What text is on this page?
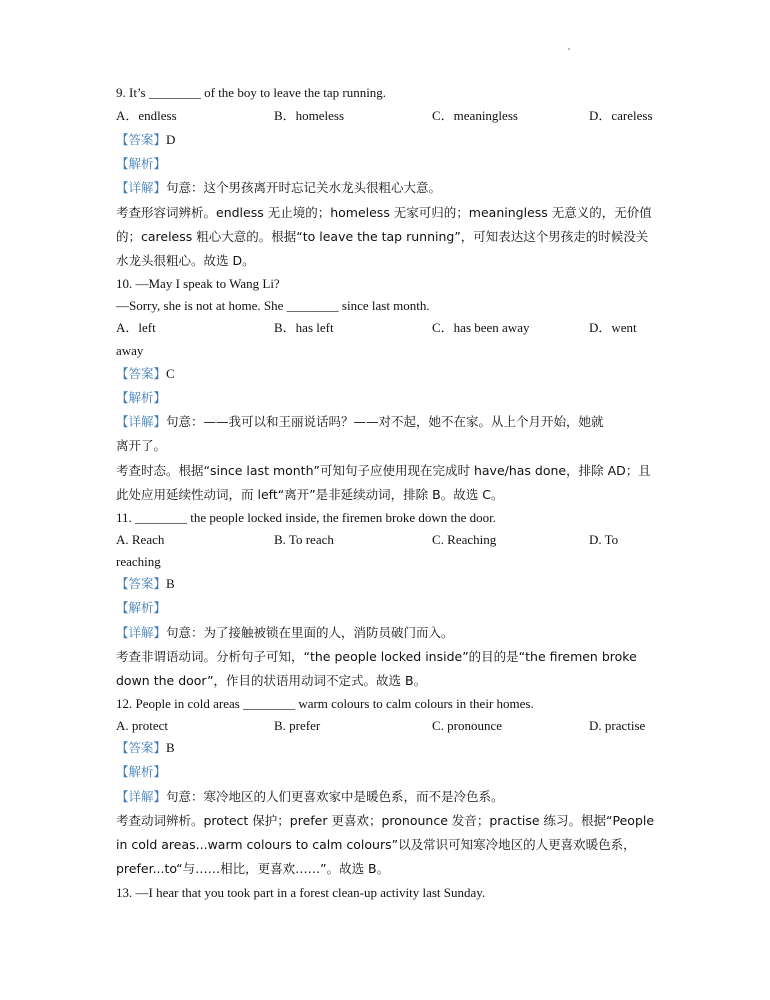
9. It’s ________ of the boy to leave the tap running.
A．endless	B．homeless	C．meaningless	D．careless
【答案】D
【解析】
【详解】句意：这个男孩离开时忘记关水龙头很粗心大意。
考查形容词辨析。endless 无止境的；homeless 无家可归的；meaningless 无意义的，无价值
的；careless 粗心大意的。根据“to leave the tap running”，可知表达这个男孩走的时候没关
水龙头很粗心。故选 D。
10. —May I speak to Wang Li?
—Sorry, she is not at home. She ________ since last month.
A．left	B．has left	C．has been away	D．went
away
【答案】C
【解析】
【详解】句意：——我可以和王丽说话吗？——对不起，她不在家。从上个月开始，她就
离开了。
考查时态。根据“since last month”可知句子应使用现在完成时 have/has done，排除 AD；且
此处应用延续性动词，而 left“离开”是非延续动词，排除 B。故选 C。
11. ________ the people locked inside, the firemen broke down the door.
A. Reach	B. To reach	C. Reaching	D. To
reaching
【答案】B
【解析】
【详解】句意：为了接触被锁在里面的人，消防员破门而入。
考查非谓语动词。分析句子可知，“the people locked inside”的目的是“the firemen broke
down the door”，作目的状语用动词不定式。故选 B。
12. People in cold areas ________ warm colours to calm colours in their homes.
A. protect	B. prefer	C. pronounce	D. practise
【答案】B
【解析】
【详解】句意：寒冷地区的人们更喜欢家中是暖色系，而不是冷色系。
考查动词辨析。protect 保护；prefer 更喜欢；pronounce 发音；practise 练习。根据“People
in cold areas...warm colours to calm colours”以及常识可知寒冷地区的人更喜欢暖色系，
prefer...to“与……相比，更喜欢……”。故选 B。
13. —I hear that you took part in a forest clean-up activity last Sunday.
